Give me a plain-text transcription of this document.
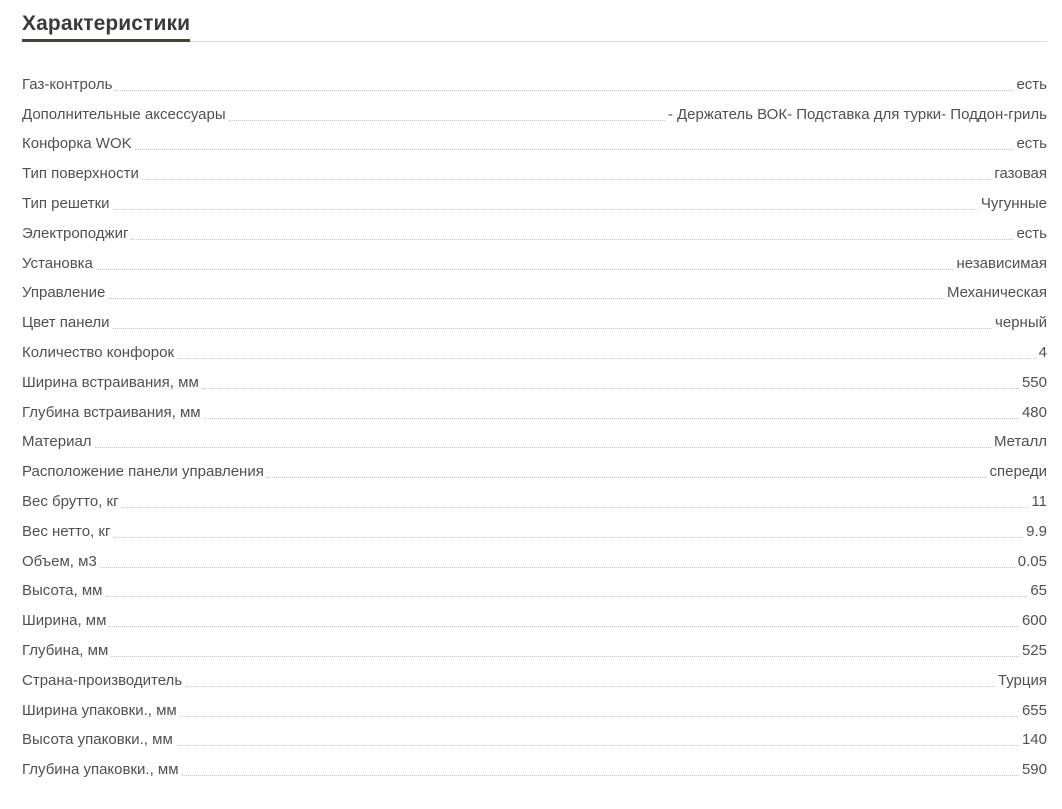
Характеристики
Газ-контроль	есть
Дополнительные аксессуары	- Держатель ВОК- Подставка для турки- Поддон-гриль
Конфорка WOK	есть
Тип поверхности	газовая
Тип решетки	Чугунные
Электроподжиг	есть
Установка	независимая
Управление	Механическая
Цвет панели	черный
Количество конфорок	4
Ширина встраивания, мм	550
Глубина встраивания, мм	480
Материал	Металл
Расположение панели управления	спереди
Вес брутто, кг	11
Вес нетто, кг	9.9
Объем, м3	0.05
Высота, мм	65
Ширина, мм	600
Глубина, мм	525
Страна-производитель	Турция
Ширина упаковки., мм	655
Высота упаковки., мм	140
Глубина упаковки., мм	590
